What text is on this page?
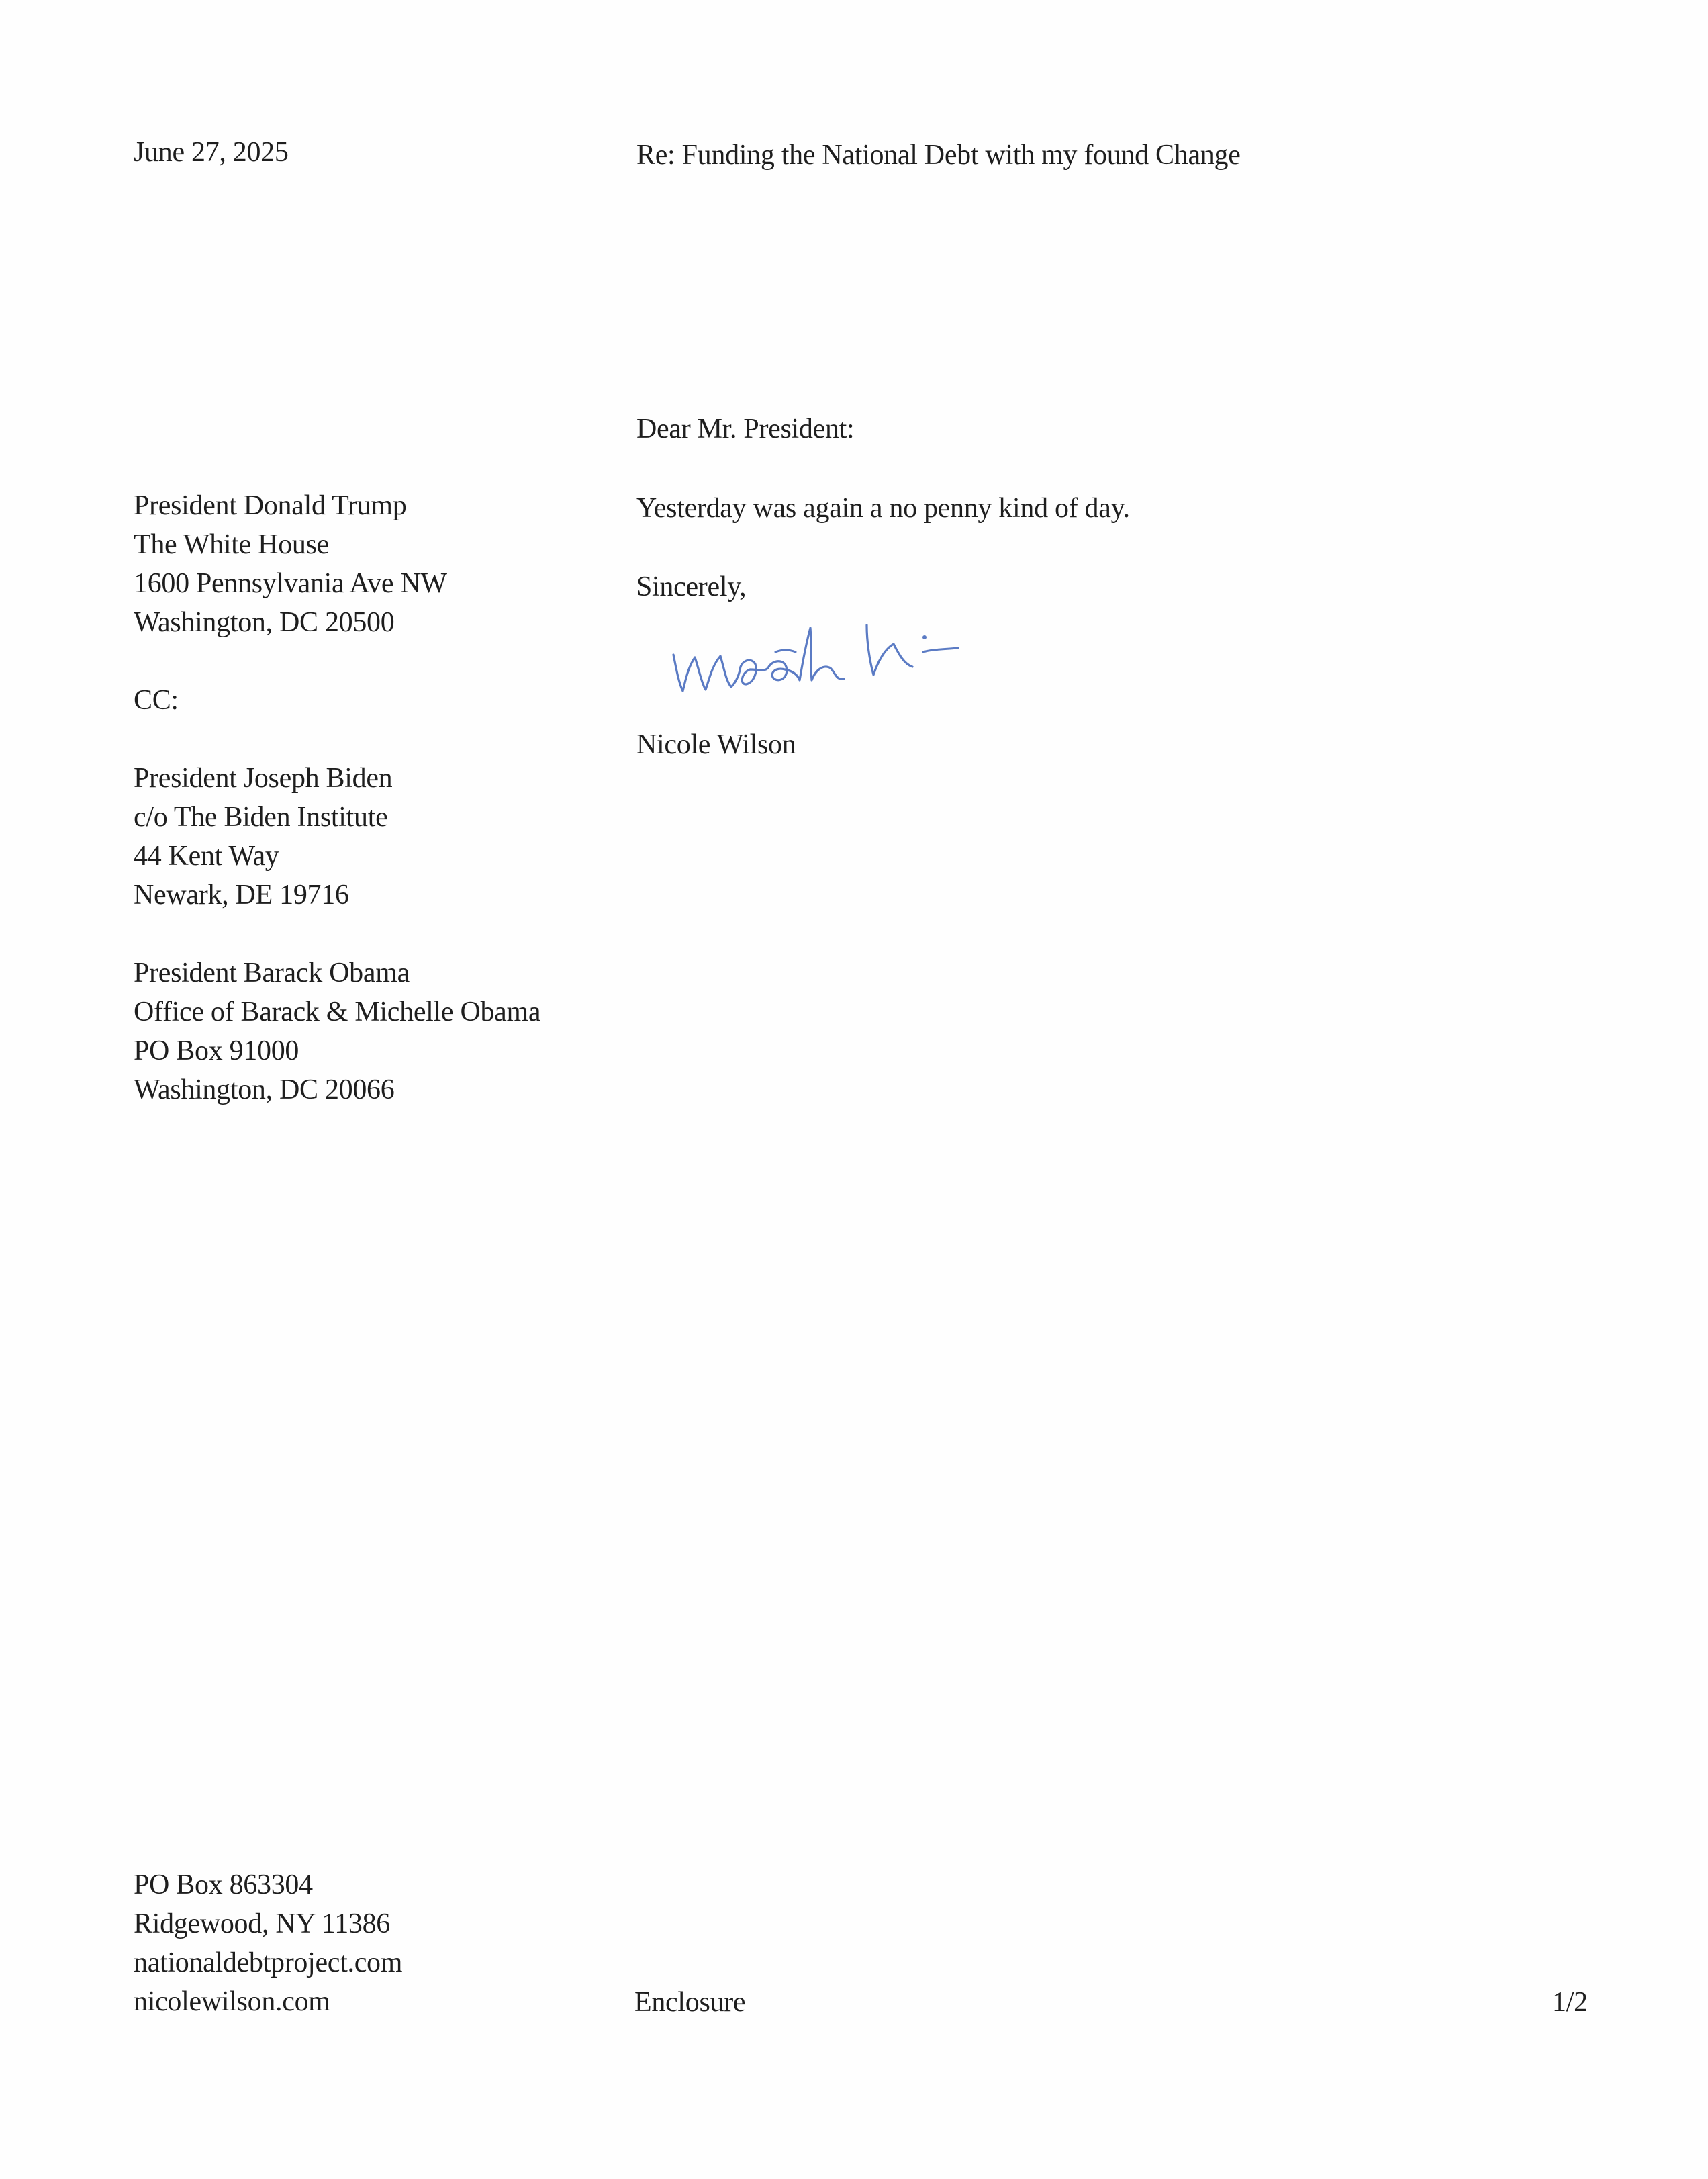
June 27, 2025	Re: Funding the National Debt with my found Change
Dear Mr. President:
President Donald Trump
The White House
1600 Pennsylvania Ave NW
Washington, DC 20500
CC:
President Joseph Biden
c/o The Biden Institute
44 Kent Way
Newark, DE 19716
President Barack Obama
Office of Barack & Michelle Obama
PO Box 91000
Washington, DC 20066
Yesterday was again a no penny kind of day.
Sincerely,
Nicole Wilson
PO Box 863304
Ridgewood, NY 11386
nationaldebtproject.com
nicolewilson.com	Enclosure	1/2
